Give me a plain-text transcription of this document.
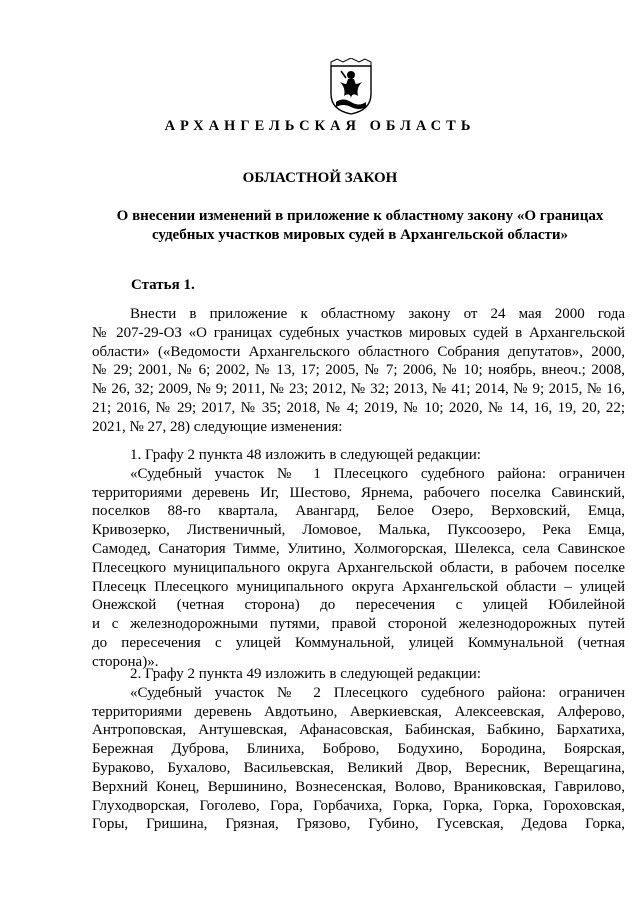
АРХАНГЕЛЬСКАЯ ОБЛАСТЬ
ОБЛАСТНОЙ ЗАКОН
О внесении изменений в приложение к областному закону «О границах
судебных участков мировых судей в Архангельской области»
Статья 1.
Внести в приложение к областному закону от 24 мая 2000 года
№ 207-29-ОЗ «О границах судебных участков мировых судей в Архангельской
области» («Ведомости Архангельского областного Собрания депутатов», 2000,
№ 29; 2001, № 6; 2002, № 13, 17; 2005, № 7; 2006, № 10; ноябрь, внеоч.; 2008,
№ 26, 32; 2009, № 9; 2011, № 23; 2012, № 32; 2013, № 41; 2014, № 9; 2015, № 16,
21; 2016, № 29; 2017, № 35; 2018, № 4; 2019, № 10; 2020, № 14, 16, 19, 20, 22;
2021, № 27, 28) следующие изменения:
1. Графу 2 пункта 48 изложить в следующей редакции:
«Судебный участок № 1 Плесецкого судебного района: ограничен
территориями деревень Иг, Шестово, Ярнема, рабочего поселка Савинский,
поселков 88-го квартала, Авангард, Белое Озеро, Верховский, Емца,
Кривозерко, Лиственичный, Ломовое, Малька, Пуксоозеро, Река Емца,
Самодед, Санатория Тимме, Улитино, Холмогорская, Шелекса, села Савинское
Плесецкого муниципального округа Архангельской области, в рабочем поселке
Плесецк Плесецкого муниципального округа Архангельской области – улицей
Онежской (четная сторона) до пересечения с улицей Юбилейной
и с железнодорожными путями, правой стороной железнодорожных путей
до пересечения с улицей Коммунальной, улицей Коммунальной (четная
сторона)».
2. Графу 2 пункта 49 изложить в следующей редакции:
«Судебный участок № 2 Плесецкого судебного района: ограничен
территориями деревень Авдотьино, Аверкиевская, Алексеевская, Алферово,
Антроповская, Антушевская, Афанасовская, Бабинская, Бабкино, Бархатиха,
Бережная Дуброва, Блиниха, Боброво, Бодухино, Бородина, Боярская,
Бураково, Бухалово, Васильевская, Великий Двор, Вересник, Верещагина,
Верхний Конец, Вершинино, Вознесенская, Волово, Враниковская, Гаврилово,
Глуходворская, Гоголево, Гора, Горбачиха, Горка, Горка, Горка, Гороховская,
Горы, Гришина, Грязная, Грязово, Губино, Гусевская, Дедова Горка,
